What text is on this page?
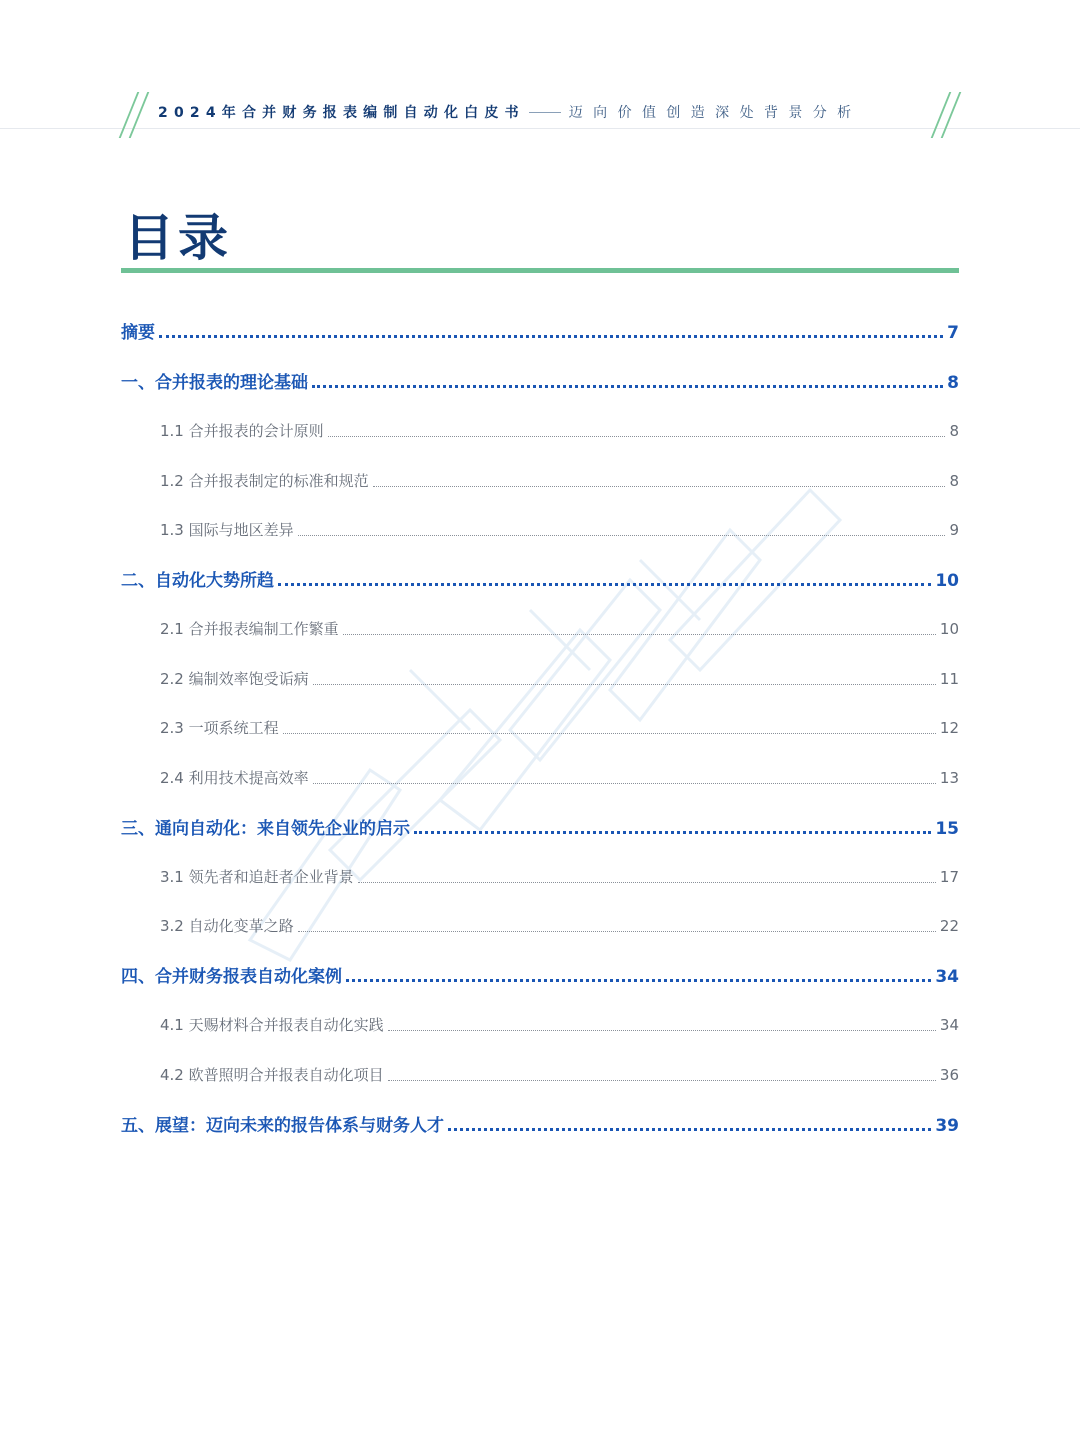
2024年合并财务报表编制自动化白皮书	迈向价值创造深处背景分析
目录
摘要	7
一、合并报表的理论基础	8
1.1 合并报表的会计原则	8
1.2 合并报表制定的标准和规范	8
1.3 国际与地区差异	9
二、自动化大势所趋	10
2.1 合并报表编制工作繁重	10
2.2 编制效率饱受诟病	11
2.3 一项系统工程	12
2.4 利用技术提高效率	13
三、通向自动化：来自领先企业的启示	15
3.1 领先者和追赶者企业背景	17
3.2 自动化变革之路	22
四、合并财务报表自动化案例	34
4.1 天赐材料合并报表自动化实践	34
4.2 欧普照明合并报表自动化项目	36
五、展望：迈向未来的报告体系与财务人才	39
